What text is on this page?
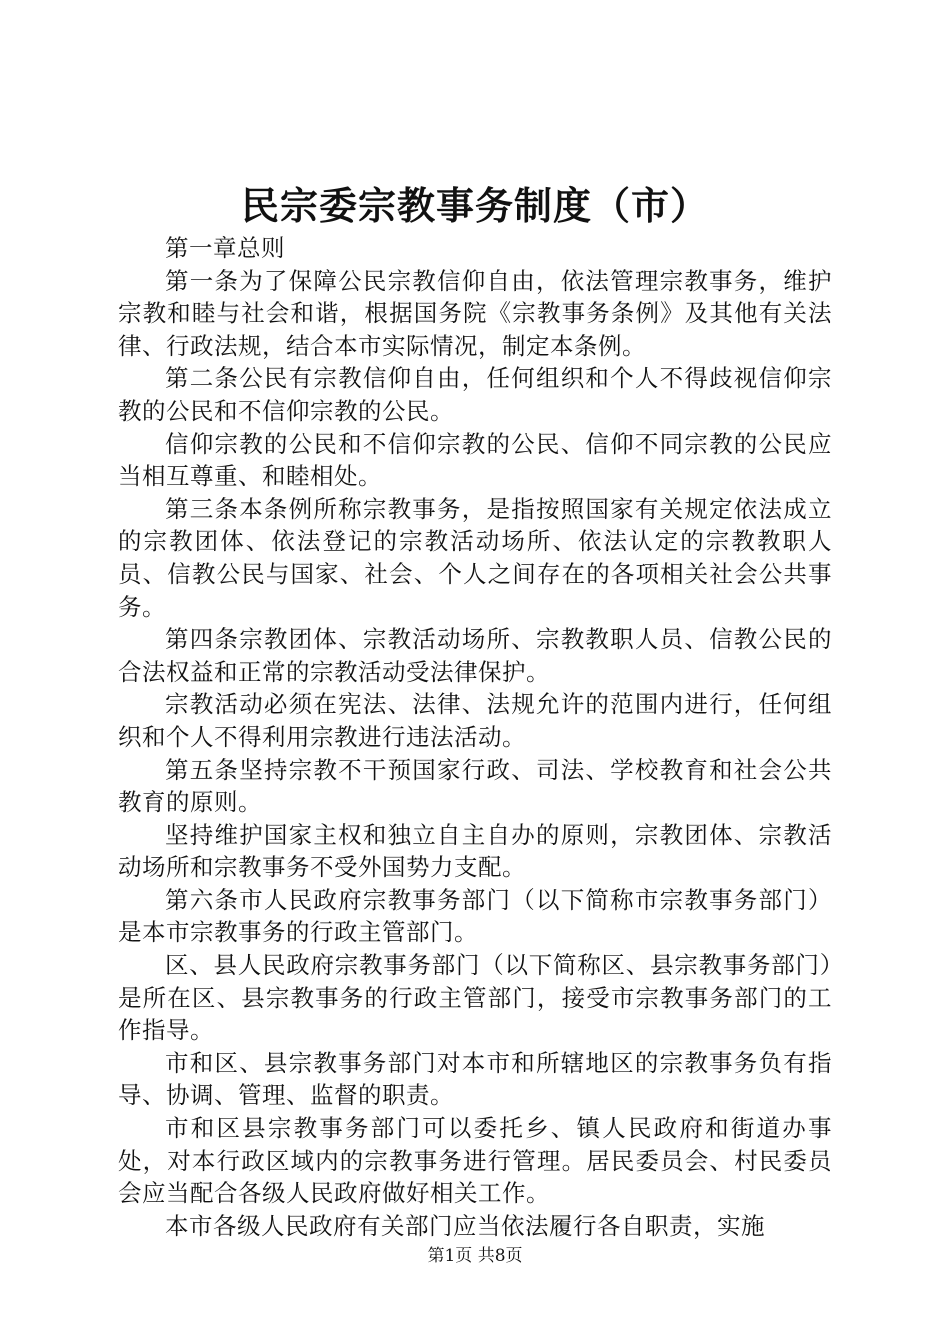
民宗委宗教事务制度（市）

第一章总则

第一条为了保障公民宗教信仰自由，依法管理宗教事务，维护宗教和睦与社会和谐，根据国务院《宗教事务条例》及其他有关法律、行政法规，结合本市实际情况，制定本条例。

第二条公民有宗教信仰自由，任何组织和个人不得歧视信仰宗教的公民和不信仰宗教的公民。

信仰宗教的公民和不信仰宗教的公民、信仰不同宗教的公民应当相互尊重、和睦相处。

第三条本条例所称宗教事务，是指按照国家有关规定依法成立的宗教团体、依法登记的宗教活动场所、依法认定的宗教教职人员、信教公民与国家、社会、个人之间存在的各项相关社会公共事务。

第四条宗教团体、宗教活动场所、宗教教职人员、信教公民的合法权益和正常的宗教活动受法律保护。

宗教活动必须在宪法、法律、法规允许的范围内进行，任何组织和个人不得利用宗教进行违法活动。

第五条坚持宗教不干预国家行政、司法、学校教育和社会公共教育的原则。

坚持维护国家主权和独立自主自办的原则，宗教团体、宗教活动场所和宗教事务不受外国势力支配。

第六条市人民政府宗教事务部门（以下简称市宗教事务部门）是本市宗教事务的行政主管部门。

区、县人民政府宗教事务部门（以下简称区、县宗教事务部门）是所在区、县宗教事务的行政主管部门，接受市宗教事务部门的工作指导。

市和区、县宗教事务部门对本市和所辖地区的宗教事务负有指导、协调、管理、监督的职责。

市和区县宗教事务部门可以委托乡、镇人民政府和街道办事处，对本行政区域内的宗教事务进行管理。居民委员会、村民委员会应当配合各级人民政府做好相关工作。

本市各级人民政府有关部门应当依法履行各自职责，实施

第1页 共8页
